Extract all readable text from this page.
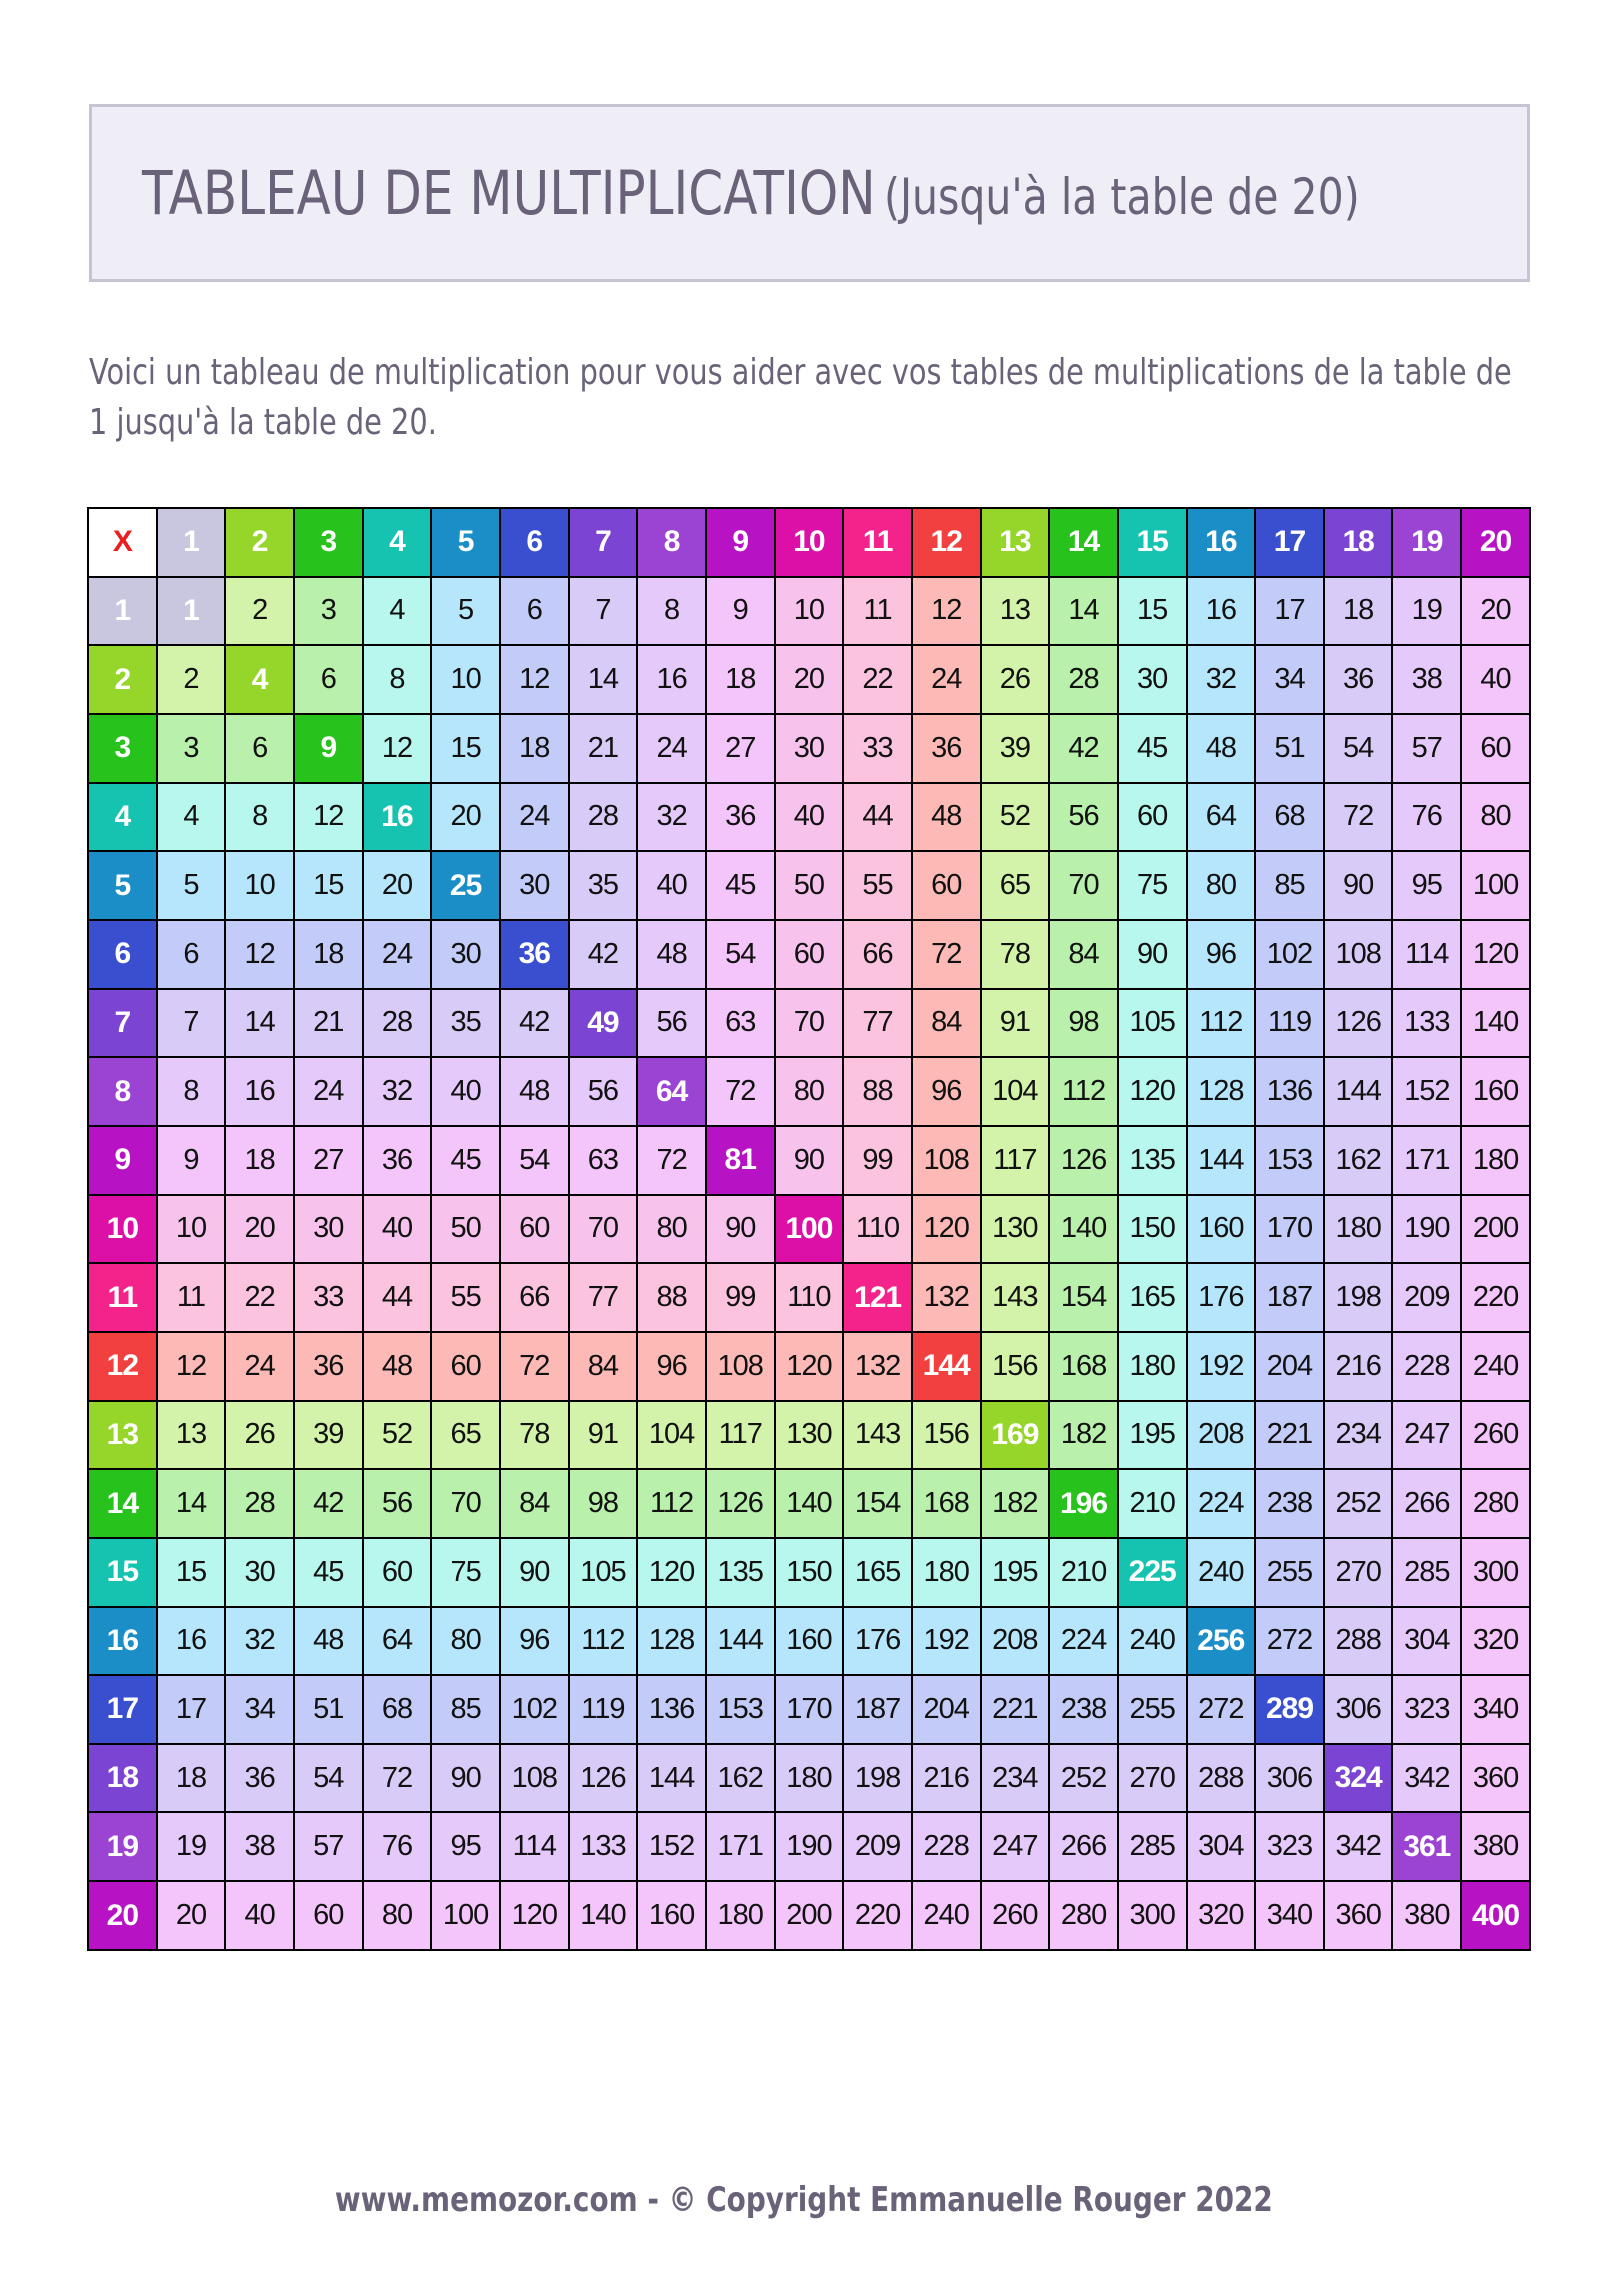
TABLEAU DE MULTIPLICATION (Jusqu'à la table de 20)

Voici un tableau de multiplication pour vous aider avec vos tables de multiplications de la table de
1 jusqu'à la table de 20.

X	1	2	3	4	5	6	7	8	9	10	11	12	13	14	15	16	17	18	19	20
1	1	2	3	4	5	6	7	8	9	10	11	12	13	14	15	16	17	18	19	20
2	2	4	6	8	10	12	14	16	18	20	22	24	26	28	30	32	34	36	38	40
3	3	6	9	12	15	18	21	24	27	30	33	36	39	42	45	48	51	54	57	60
4	4	8	12	16	20	24	28	32	36	40	44	48	52	56	60	64	68	72	76	80
5	5	10	15	20	25	30	35	40	45	50	55	60	65	70	75	80	85	90	95	100
6	6	12	18	24	30	36	42	48	54	60	66	72	78	84	90	96	102	108	114	120
7	7	14	21	28	35	42	49	56	63	70	77	84	91	98	105	112	119	126	133	140
8	8	16	24	32	40	48	56	64	72	80	88	96	104	112	120	128	136	144	152	160
9	9	18	27	36	45	54	63	72	81	90	99	108	117	126	135	144	153	162	171	180
10	10	20	30	40	50	60	70	80	90	100	110	120	130	140	150	160	170	180	190	200
11	11	22	33	44	55	66	77	88	99	110	121	132	143	154	165	176	187	198	209	220
12	12	24	36	48	60	72	84	96	108	120	132	144	156	168	180	192	204	216	228	240
13	13	26	39	52	65	78	91	104	117	130	143	156	169	182	195	208	221	234	247	260
14	14	28	42	56	70	84	98	112	126	140	154	168	182	196	210	224	238	252	266	280
15	15	30	45	60	75	90	105	120	135	150	165	180	195	210	225	240	255	270	285	300
16	16	32	48	64	80	96	112	128	144	160	176	192	208	224	240	256	272	288	304	320
17	17	34	51	68	85	102	119	136	153	170	187	204	221	238	255	272	289	306	323	340
18	18	36	54	72	90	108	126	144	162	180	198	216	234	252	270	288	306	324	342	360
19	19	38	57	76	95	114	133	152	171	190	209	228	247	266	285	304	323	342	361	380
20	20	40	60	80	100	120	140	160	180	200	220	240	260	280	300	320	340	360	380	400

www.memozor.com - © Copyright Emmanuelle Rouger 2022
